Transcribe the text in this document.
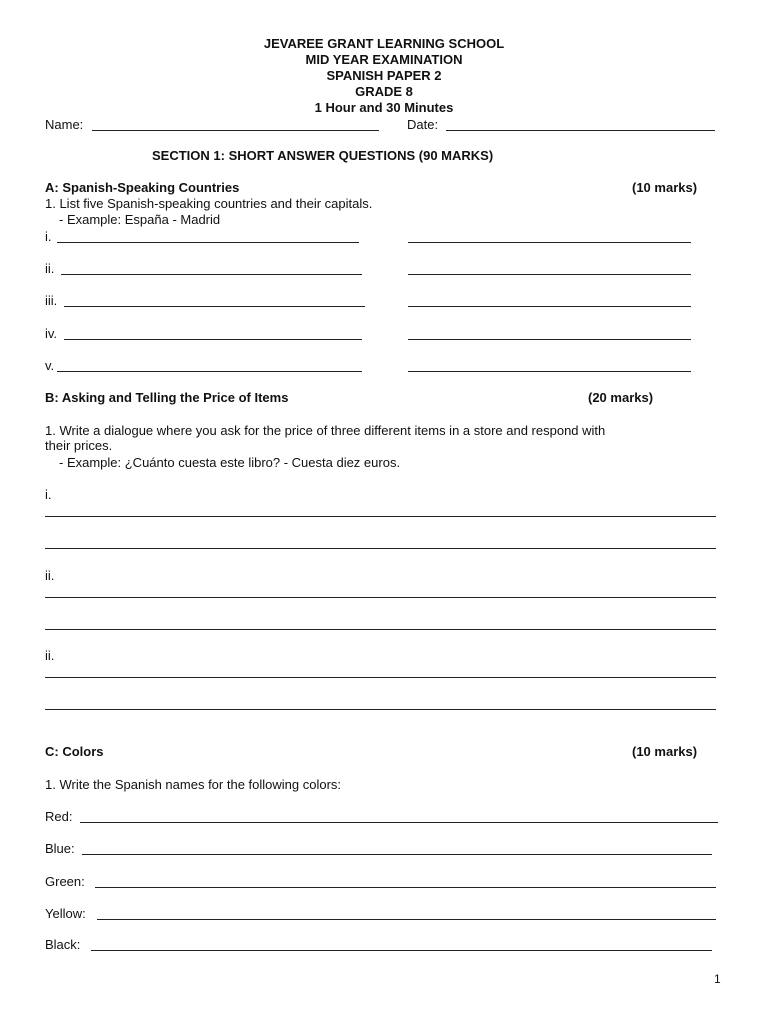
JEVAREE GRANT LEARNING SCHOOL
MID YEAR EXAMINATION
SPANISH PAPER 2
GRADE 8
1 Hour and 30 Minutes
Name:	Date:
SECTION 1: SHORT ANSWER QUESTIONS (90 MARKS)
A: Spanish-Speaking Countries	(10 marks)
1. List five Spanish-speaking countries and their capitals.
- Example: España - Madrid
i.
ii.
iii.
iv.
v.
B: Asking and Telling the Price of Items	(20 marks)
1. Write a dialogue where you ask for the price of three different items in a store and respond with
their prices.
- Example: ¿Cuánto cuesta este libro? - Cuesta diez euros.
i.
ii.
ii.
C: Colors	(10 marks)
1. Write the Spanish names for the following colors:
Red:
Blue:
Green:
Yellow:
Black:
1
